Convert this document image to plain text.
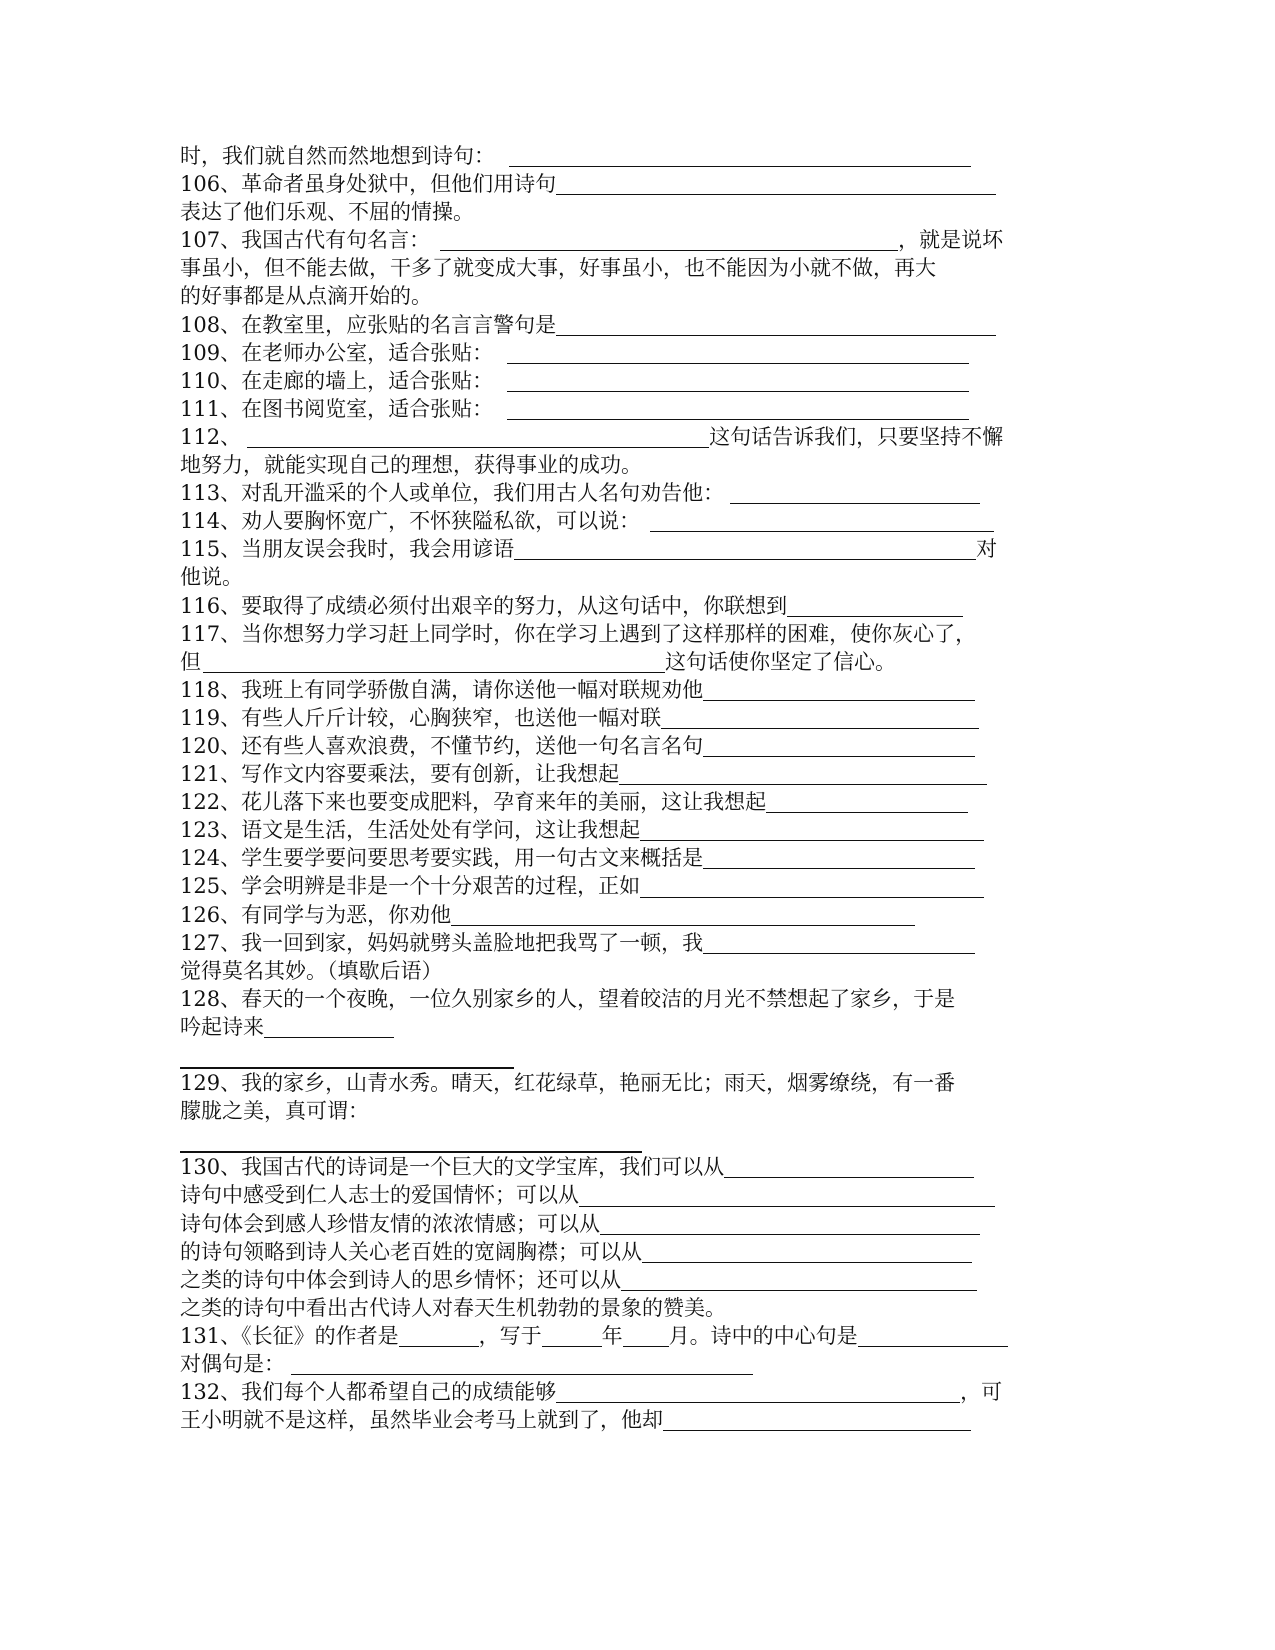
时，我们就自然而然地想到诗句：
106、革命者虽身处狱中，但他们用诗句
表达了他们乐观、不屈的情操。
107、我国古代有句名言：	，就是说坏
事虽小，但不能去做，干多了就变成大事，好事虽小，也不能因为小就不做，再大
的好事都是从点滴开始的。
108、在教室里，应张贴的名言言警句是
109、在老师办公室，适合张贴：
110、在走廊的墙上，适合张贴：
111、在图书阅览室，适合张贴：
112、	这句话告诉我们，只要坚持不懈
地努力，就能实现自己的理想，获得事业的成功。
113、对乱开滥采的个人或单位，我们用古人名句劝告他：
114、劝人要胸怀宽广，不怀狭隘私欲，可以说：
115、当朋友误会我时，我会用谚语	对
他说。
116、要取得了成绩必须付出艰辛的努力，从这句话中，你联想到
117、当你想努力学习赶上同学时，你在学习上遇到了这样那样的困难，使你灰心了，
但	这句话使你坚定了信心。
118、我班上有同学骄傲自满，请你送他一幅对联规劝他
119、有些人斤斤计较，心胸狭窄，也送他一幅对联
120、还有些人喜欢浪费，不懂节约，送他一句名言名句
121、写作文内容要乘法，要有创新，让我想起
122、花儿落下来也要变成肥料，孕育来年的美丽，这让我想起
123、语文是生活，生活处处有学问，这让我想起
124、学生要学要问要思考要实践，用一句古文来概括是
125、学会明辨是非是一个十分艰苦的过程，正如
126、有同学与为恶，你劝他
127、我一回到家，妈妈就劈头盖脸地把我骂了一顿，我
觉得莫名其妙。（填歇后语）
128、春天的一个夜晚，一位久别家乡的人，望着皎洁的月光不禁想起了家乡，于是
吟起诗来
129、我的家乡，山青水秀。晴天，红花绿草，艳丽无比；雨天，烟雾缭绕，有一番
朦胧之美，真可谓：
130、我国古代的诗词是一个巨大的文学宝库，我们可以从
诗句中感受到仁人志士的爱国情怀；可以从
诗句体会到感人珍惜友情的浓浓情感；可以从
的诗句领略到诗人关心老百姓的宽阔胸襟；可以从
之类的诗句中体会到诗人的思乡情怀；还可以从
之类的诗句中看出古代诗人对春天生机勃勃的景象的赞美。
131、《长征》的作者是	，写于	年 月。诗中的中心句是
对偶句是：
132、我们每个人都希望自己的成绩能够	，可
王小明就不是这样，虽然毕业会考马上就到了，他却
